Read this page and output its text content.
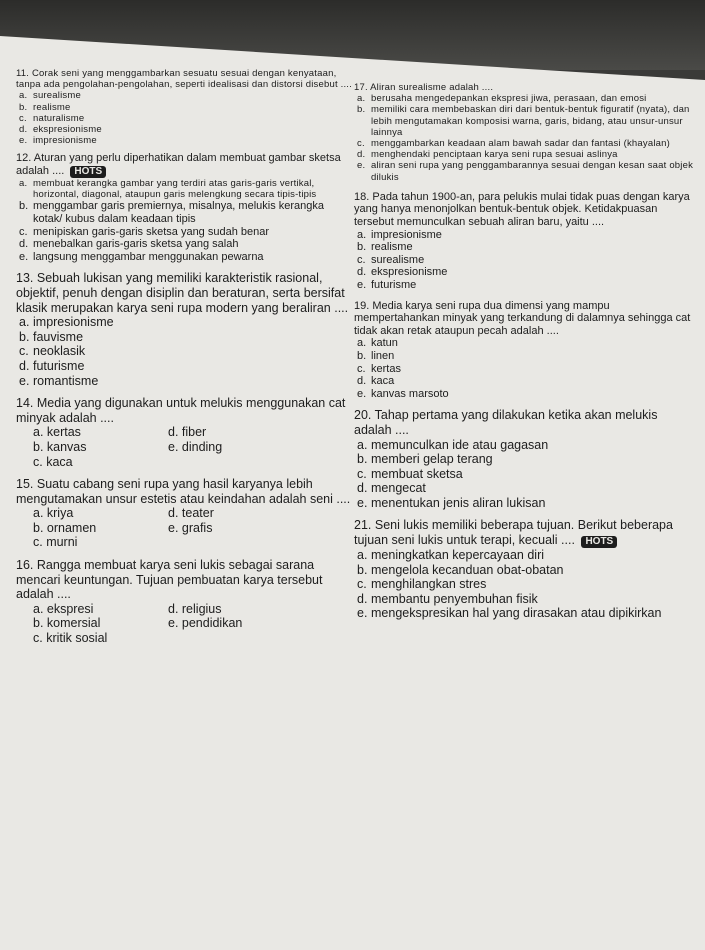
11. Corak seni yang menggambarkan sesuatu sesuai dengan kenyataan, tanpa ada pengolahan-pengolahan, seperti idealisasi dan distorsi disebut ....
a. surealisme
b. realisme
c. naturalisme
d. ekspresionisme
e. impresionisme
12. Aturan yang perlu diperhatikan dalam membuat gambar sketsa adalah .... HOTS
a. membuat kerangka gambar yang terdiri atas garis-garis vertikal, horizontal, diagonal, ataupun garis melengkung secara tipis-tipis
b. menggambar garis premiernya, misalnya, melukis kerangka kotak/ kubus dalam keadaan tipis
c. menipiskan garis-garis sketsa yang sudah benar
d. menebalkan garis-garis sketsa yang salah
e. langsung menggambar menggunakan pewarna
13. Sebuah lukisan yang memiliki karakteristik rasional, objektif, penuh dengan disiplin dan beraturan, serta bersifat klasik merupakan karya seni rupa modern yang beraliran ....
a. impresionisme
b. fauvisme
c. neoklasik
d. futurisme
e. romantisme
14. Media yang digunakan untuk melukis menggunakan cat minyak adalah ....
a. kertas	d. fiber
b. kanvas	e. dinding
c. kaca
15. Suatu cabang seni rupa yang hasil karyanya lebih mengutamakan unsur estetis atau keindahan adalah seni ....
a. kriya	d. teater
b. ornamen	e. grafis
c. murni
16. Rangga membuat karya seni lukis sebagai sarana mencari keuntungan. Tujuan pembuatan karya tersebut adalah ....
a. ekspresi	d. religius
b. komersial	e. pendidikan
c. kritik sosial
17. Aliran surealisme adalah ....
a. berusaha mengedepankan ekspresi jiwa, perasaan, dan emosi
b. memiliki cara membebaskan diri dari bentuk-bentuk figuratif (nyata), dan lebih mengutamakan komposisi warna, garis, bidang, atau unsur-unsur lainnya
c. menggambarkan keadaan alam bawah sadar dan fantasi (khayalan)
d. menghendaki penciptaan karya seni rupa sesuai aslinya
e. aliran seni rupa yang penggambarannya sesuai dengan kesan saat objek dilukis
18. Pada tahun 1900-an, para pelukis mulai tidak puas dengan karya yang hanya menonjolkan bentuk-bentuk objek. Ketidakpuasan tersebut memunculkan sebuah aliran baru, yaitu ....
a. impresionisme
b. realisme
c. surealisme
d. ekspresionisme
e. futurisme
19. Media karya seni rupa dua dimensi yang mampu mempertahankan minyak yang terkandung di dalamnya sehingga cat tidak akan retak ataupun pecah adalah ....
a. katun
b. linen
c. kertas
d. kaca
e. kanvas marsoto
20. Tahap pertama yang dilakukan ketika akan melukis adalah ....
a. memunculkan ide atau gagasan
b. memberi gelap terang
c. membuat sketsa
d. mengecat
e. menentukan jenis aliran lukisan
21. Seni lukis memiliki beberapa tujuan. Berikut beberapa tujuan seni lukis untuk terapi, kecuali .... HOTS
a. meningkatkan kepercayaan diri
b. mengelola kecanduan obat-obatan
c. menghilangkan stres
d. membantu penyembuhan fisik
e. mengekspresikan hal yang dirasakan atau dipikirkan
